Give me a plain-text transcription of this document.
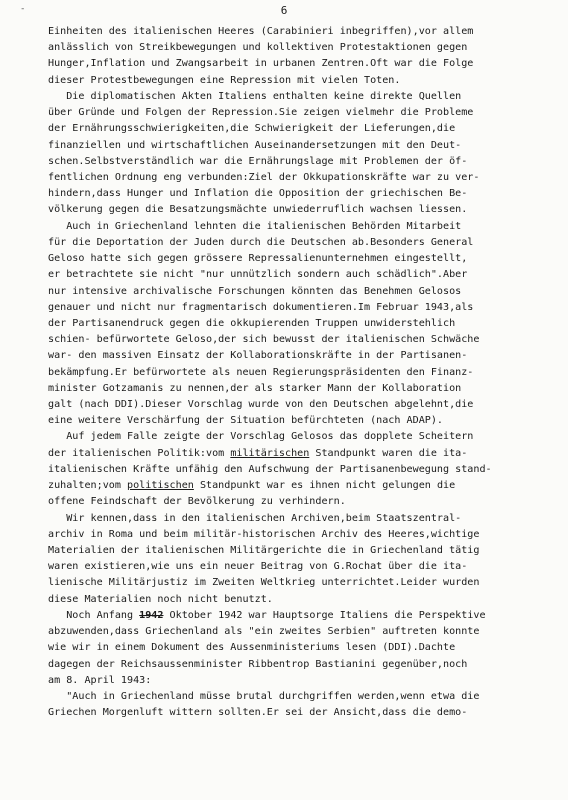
-	6
Einheiten des italienischen Heeres (Carabinieri inbegriffen),vor allem
anlässlich von Streikbewegungen und kollektiven Protestaktionen gegen
Hunger,Inflation und Zwangsarbeit in urbanen Zentren.Oft war die Folge
dieser Protestbewegungen eine Repression mit vielen Toten.
Die diplomatischen Akten Italiens enthalten keine direkte Quellen
über Gründe und Folgen der Repression.Sie zeigen vielmehr die Probleme
der Ernährungsschwierigkeiten,die Schwierigkeit der Lieferungen,die
finanziellen und wirtschaftlichen Auseinandersetzungen mit den Deut-
schen.Selbstverständlich war die Ernährungslage mit Problemen der öf-
fentlichen Ordnung eng verbunden:Ziel der Okkupationskräfte war zu ver-
hindern,dass Hunger und Inflation die Opposition der griechischen Be-
völkerung gegen die Besatzungsmächte unwiederruflich wachsen liessen.
Auch in Griechenland lehnten die italienischen Behörden Mitarbeit
für die Deportation der Juden durch die Deutschen ab.Besonders General
Geloso hatte sich gegen grössere Repressalienunternehmen eingestellt,
er betrachtete sie nicht "nur unnützlich sondern auch schädlich".Aber
nur intensive archivalische Forschungen könnten das Benehmen Gelosos
genauer und nicht nur fragmentarisch dokumentieren.Im Februar 1943,als
der Partisanendruck gegen die okkupierenden Truppen unwiderstehlich
schien- befürwortete Geloso,der sich bewusst der italienischen Schwäche
war- den massiven Einsatz der Kollaborationskräfte in der Partisanen-
bekämpfung.Er befürwortete als neuen Regierungspräsidenten den Finanz-
minister Gotzamanis zu nennen,der als starker Mann der Kollaboration
galt (nach DDI).Dieser Vorschlag wurde von den Deutschen abgelehnt,die
eine weitere Verschärfung der Situation befürchteten (nach ADAP).
Auf jedem Falle zeigte der Vorschlag Gelosos das dopplete Scheitern
der italienischen Politik:vom militärischen Standpunkt waren die ita-
italienischen Kräfte unfähig den Aufschwung der Partisanenbewegung stand-
zuhalten;vom politischen Standpunkt war es ihnen nicht gelungen die
offene Feindschaft der Bevölkerung zu verhindern.
Wir kennen,dass in den italienischen Archiven,beim Staatszentral-
archiv in Roma und beim militär-historischen Archiv des Heeres,wichtige
Materialien der italienischen Militärgerichte die in Griechenland tätig
waren existieren,wie uns ein neuer Beitrag von G.Rochat über die ita-
lienische Militärjustiz im Zweiten Weltkrieg unterrichtet.Leider wurden
diese Materialien noch nicht benutzt.
Noch Anfang 1942 Oktober 1942 war Hauptsorge Italiens die Perspektive
abzuwenden,dass Griechenland als "ein zweites Serbien" auftreten konnte
wie wir in einem Dokument des Aussenministeriums lesen (DDI).Dachte
dagegen der Reichsaussenminister Ribbentrop Bastianini gegenüber,noch
am 8. April 1943:
"Auch in Griechenland müsse brutal durchgriffen werden,wenn etwa die
Griechen Morgenluft wittern sollten.Er sei der Ansicht,dass die demo-
